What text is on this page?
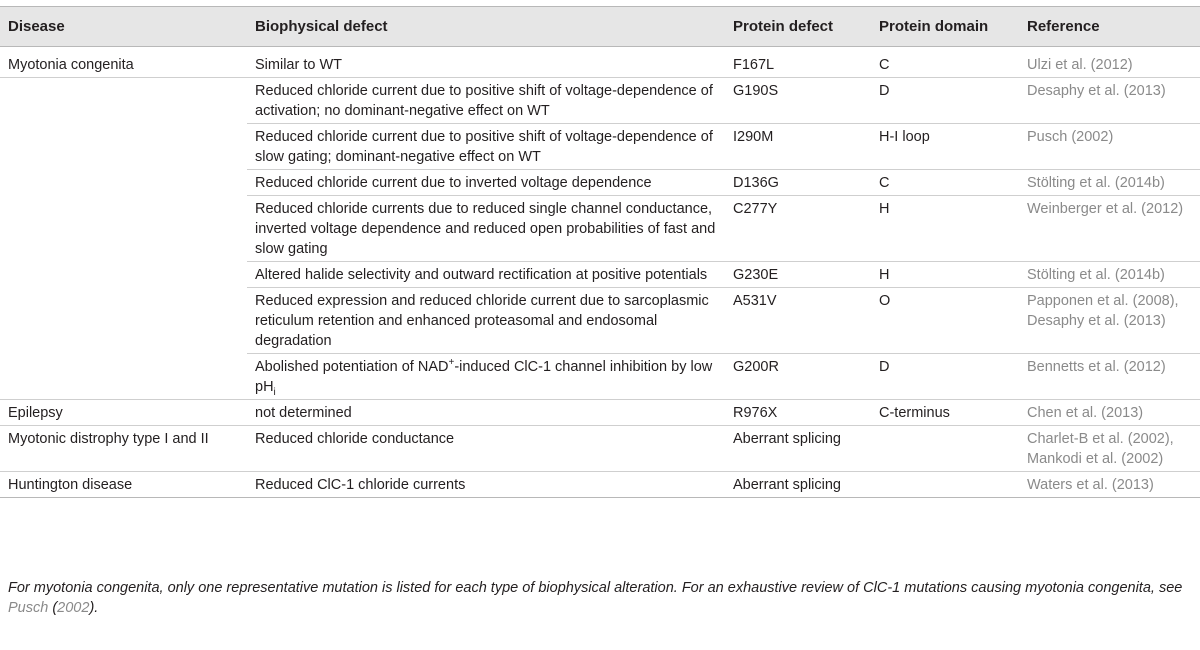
Disease	Biophysical defect	Protein defect	Protein domain	Reference
Myotonia congenita	Similar to WT	F167L	C	Ulzi et al. (2012)
	Reduced chloride current due to positive shift of voltage-dependence of activation; no dominant-negative effect on WT	G190S	D	Desaphy et al. (2013)
	Reduced chloride current due to positive shift of voltage-dependence of slow gating; dominant-negative effect on WT	I290M	H-I loop	Pusch (2002)
	Reduced chloride current due to inverted voltage dependence	D136G	C	Stölting et al. (2014b)
	Reduced chloride currents due to reduced single channel conductance, inverted voltage dependence and reduced open probabilities of fast and slow gating	C277Y	H	Weinberger et al. (2012)
	Altered halide selectivity and outward rectification at positive potentials	G230E	H	Stölting et al. (2014b)
	Reduced expression and reduced chloride current due to sarcoplasmic reticulum retention and enhanced proteasomal and endosomal degradation	A531V	O	Papponen et al. (2008),
Desaphy et al. (2013)
	Abolished potentiation of NAD+-induced ClC-1 channel inhibition by low $pH_i$	G200R	D	Bennetts et al. (2012)
Epilepsy	not determined	R976X	C-terminus	Chen et al. (2013)
Myotonic distrophy type I and II	Reduced chloride conductance	Aberrant splicing		Charlet-B et al. (2002),
Mankodi et al. (2002)
Huntington disease	Reduced ClC-1 chloride currents	Aberrant splicing		Waters et al. (2013)
For myotonia congenita, only one representative mutation is listed for each type of biophysical alteration. For an exhaustive review of ClC-1 mutations causing myotonia congenita, see Pusch (2002).
